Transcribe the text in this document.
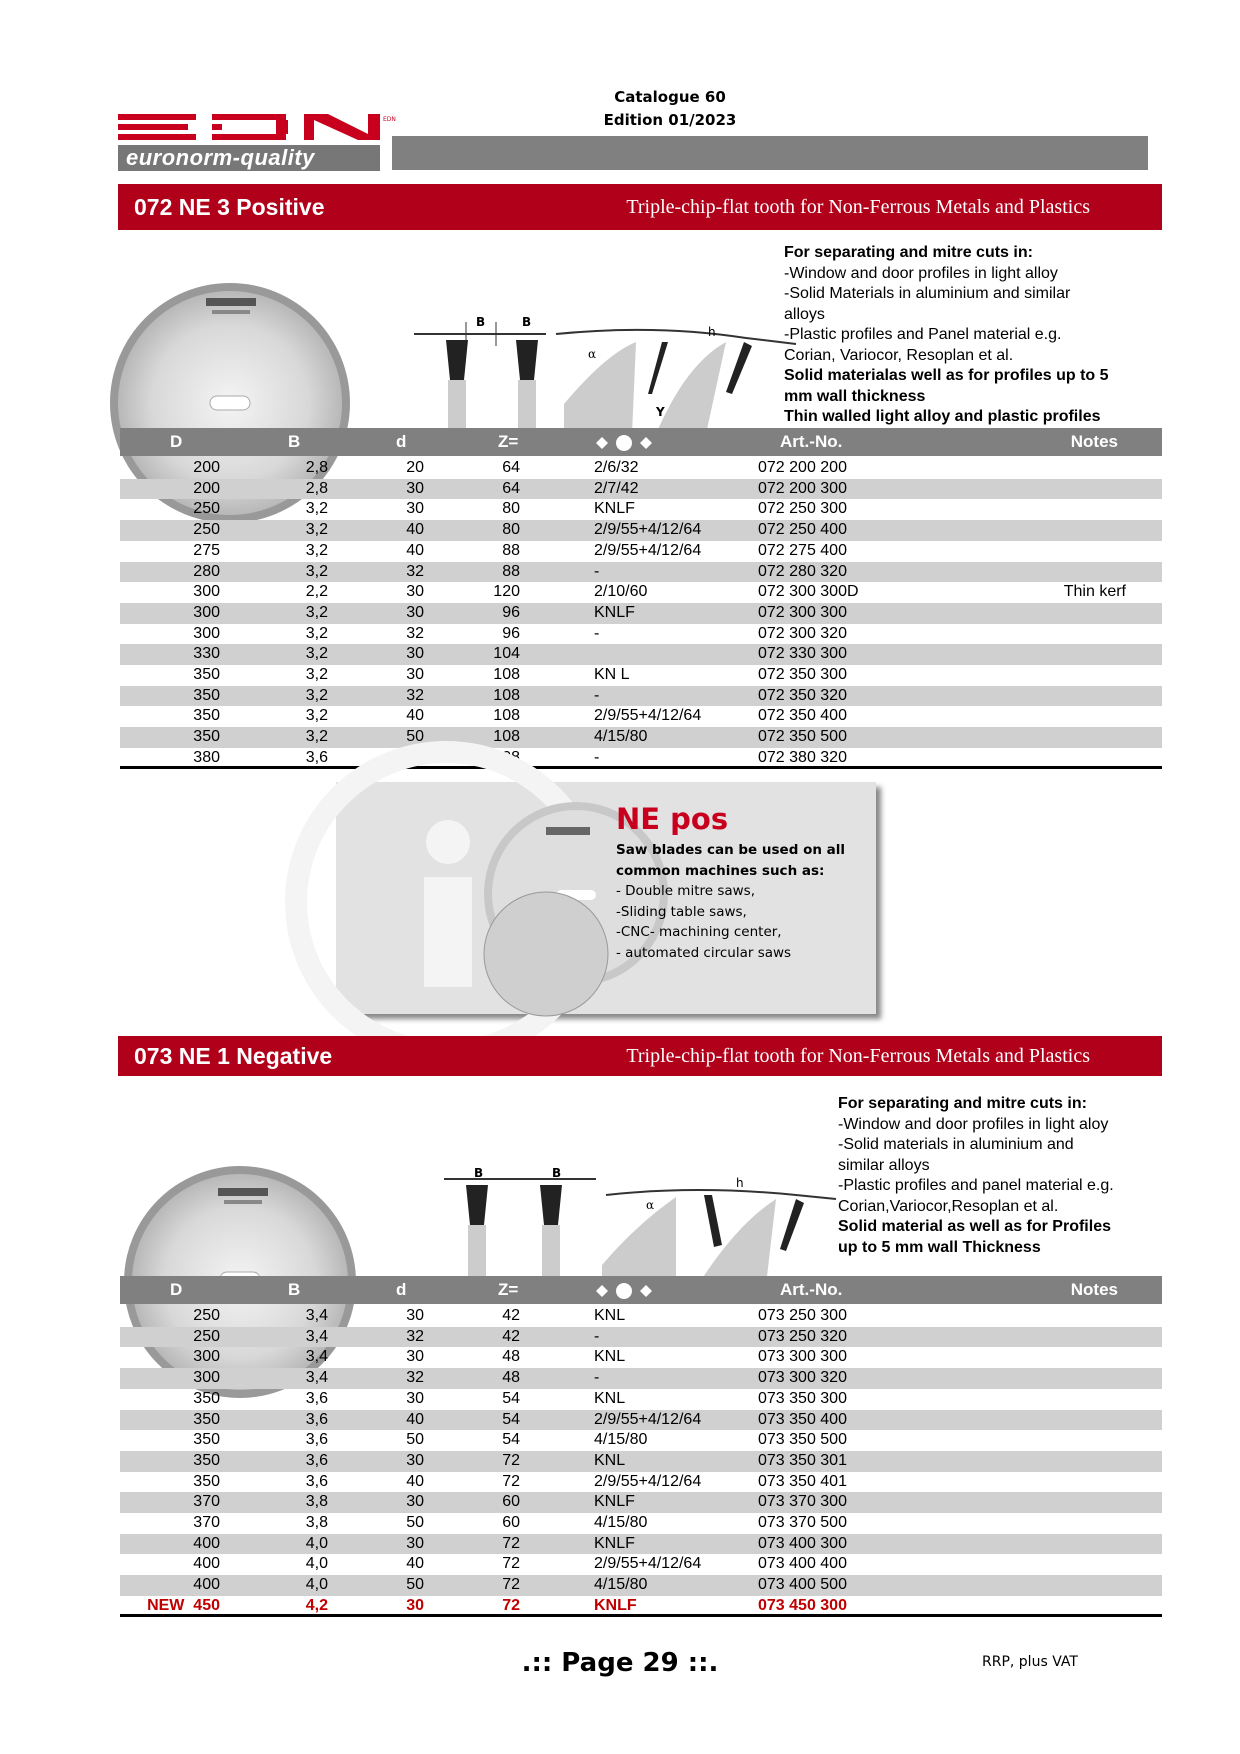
Catalogue 60
Edition 01/2023
EDN
euronorm-quality
072 NE 3 Positive	Triple-chip-flat tooth for Non-Ferrous Metals and Plastics
B	B
h
α
Y
For separating and mitre cuts in:
-Window and door profiles in light alloy
-Solid Materials in aluminium and similar
alloys
-Plastic profiles and Panel material e.g.
Corian, Variocor, Resoplan et al.
Solid materialas well as for profiles up to 5
mm wall thickness
Thin walled light alloy and plastic profiles
D	B	d	Z=	Art.-No.	Notes
200	2,8	20	64	2/6/32	072 200 200	
200	2,8	30	64	2/7/42	072 200 300	
250	3,2	30	80	KNLF	072 250 300	
250	3,2	40	80	2/9/55+4/12/64	072 250 400	
275	3,2	40	88	2/9/55+4/12/64	072 275 400	
280	3,2	32	88	-	072 280 320	
300	2,2	30	120	2/10/60	072 300 300D	Thin kerf
300	3,2	30	96	KNLF	072 300 300	
300	3,2	32	96	-	072 300 320	
330	3,2	30	104		072 330 300	
350	3,2	30	108	KN L	072 350 300	
350	3,2	32	108	-	072 350 320	
350	3,2	40	108	2/9/55+4/12/64	072 350 400	
350	3,2	50	108	4/15/80	072 350 500	
380	3,6	32	108	-	072 380 320	
NE pos
Saw blades can be used on all
common machines such as:
- Double mitre saws,
-Sliding table saws,
-CNC- machining center,
- automated circular saws
073 NE 1 Negative	Triple-chip-flat tooth for Non-Ferrous Metals and Plastics
B	B
h
α
For separating and mitre cuts in:
-Window and door profiles in light aloy
-Solid materials in aluminium and
similar alloys
-Plastic profiles and panel material e.g.
Corian,Variocor,Resoplan et al.
Solid material as well as for Profiles
up to 5 mm wall Thickness
D	B	d	Z=	Art.-No.	Notes
250	3,4	30	42	KNL	073 250 300	
250	3,4	32	42	-	073 250 320	
300	3,4	30	48	KNL	073 300 300	
300	3,4	32	48	-	073 300 320	
350	3,6	30	54	KNL	073 350 300	
350	3,6	40	54	2/9/55+4/12/64	073 350 400	
350	3,6	50	54	4/15/80	073 350 500	
350	3,6	30	72	KNL	073 350 301	
350	3,6	40	72	2/9/55+4/12/64	073 350 401	
370	3,8	30	60	KNLF	073 370 300	
370	3,8	50	60	4/15/80	073 370 500	
400	4,0	30	72	KNLF	073 400 300	
400	4,0	40	72	2/9/55+4/12/64	073 400 400	
400	4,0	50	72	4/15/80	073 400 500	
NEW  450	4,2	30	72	KNLF	073 450 300	
.:: Page 29 ::.	RRP, plus VAT
